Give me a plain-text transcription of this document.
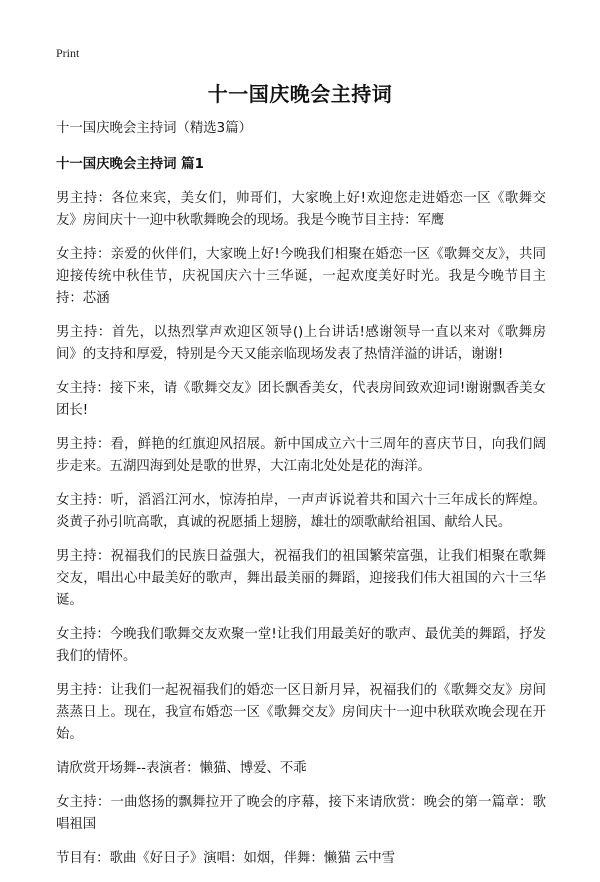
Print
十一国庆晚会主持词
十一国庆晚会主持词（精选3篇）
十一国庆晚会主持词 篇1

男主持：各位来宾，美女们，帅哥们，大家晚上好!欢迎您走进婚恋一区《歌舞交友》房间庆十一迎中秋歌舞晚会的现场。我是今晚节目主持：军鹰

女主持：亲爱的伙伴们，大家晚上好!今晚我们相聚在婚恋一区《歌舞交友》，共同迎接传统中秋佳节，庆祝国庆六十三华诞，一起欢度美好时光。我是今晚节目主持：芯涵

男主持：首先，以热烈掌声欢迎区领导()上台讲话!感谢领导一直以来对《歌舞房间》的支持和厚爱，特别是今天又能亲临现场发表了热情洋溢的讲话，谢谢!

女主持：接下来，请《歌舞交友》团长飘香美女，代表房间致欢迎词!谢谢飘香美女团长!

男主持：看，鲜艳的红旗迎风招展。新中国成立六十三周年的喜庆节日，向我们阔步走来。五湖四海到处是歌的世界，大江南北处处是花的海洋。

女主持：听，滔滔江河水，惊涛拍岸，一声声诉说着共和国六十三年成长的辉煌。炎黄子孙引吭高歌，真诚的祝愿插上翅膀，雄壮的颂歌献给祖国、献给人民。

男主持：祝福我们的民族日益强大，祝福我们的祖国繁荣富强，让我们相聚在歌舞交友，唱出心中最美好的歌声，舞出最美丽的舞蹈，迎接我们伟大祖国的六十三华诞。

女主持：今晚我们歌舞交友欢聚一堂!让我们用最美好的歌声、最优美的舞蹈，抒发我们的情怀。

男主持：让我们一起祝福我们的婚恋一区日新月异，祝福我们的《歌舞交友》房间蒸蒸日上。现在，我宣布婚恋一区《歌舞交友》房间庆十一迎中秋联欢晚会现在开始。

请欣赏开场舞--表演者：懒猫、博爱、不乖

女主持：一曲悠扬的飘舞拉开了晚会的序幕，接下来请欣赏：晚会的第一篇章：歌唱祖国

节目有：歌曲《好日子》演唱：如烟，伴舞：懒猫 云中雪
